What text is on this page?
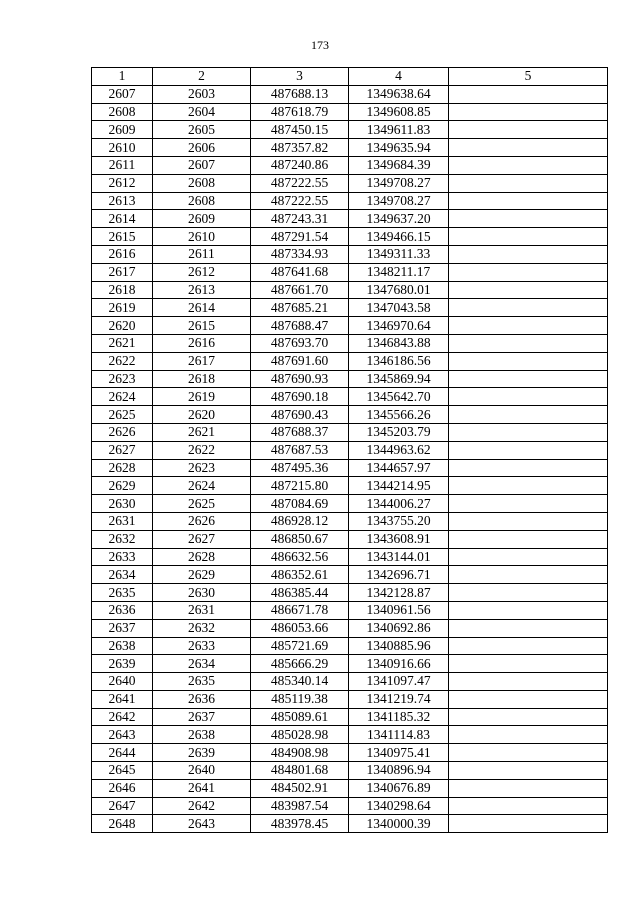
173
1	2	3	4	5
2607	2603	487688.13	1349638.64	
2608	2604	487618.79	1349608.85	
2609	2605	487450.15	1349611.83	
2610	2606	487357.82	1349635.94	
2611	2607	487240.86	1349684.39	
2612	2608	487222.55	1349708.27	
2613	2608	487222.55	1349708.27	
2614	2609	487243.31	1349637.20	
2615	2610	487291.54	1349466.15	
2616	2611	487334.93	1349311.33	
2617	2612	487641.68	1348211.17	
2618	2613	487661.70	1347680.01	
2619	2614	487685.21	1347043.58	
2620	2615	487688.47	1346970.64	
2621	2616	487693.70	1346843.88	
2622	2617	487691.60	1346186.56	
2623	2618	487690.93	1345869.94	
2624	2619	487690.18	1345642.70	
2625	2620	487690.43	1345566.26	
2626	2621	487688.37	1345203.79	
2627	2622	487687.53	1344963.62	
2628	2623	487495.36	1344657.97	
2629	2624	487215.80	1344214.95	
2630	2625	487084.69	1344006.27	
2631	2626	486928.12	1343755.20	
2632	2627	486850.67	1343608.91	
2633	2628	486632.56	1343144.01	
2634	2629	486352.61	1342696.71	
2635	2630	486385.44	1342128.87	
2636	2631	486671.78	1340961.56	
2637	2632	486053.66	1340692.86	
2638	2633	485721.69	1340885.96	
2639	2634	485666.29	1340916.66	
2640	2635	485340.14	1341097.47	
2641	2636	485119.38	1341219.74	
2642	2637	485089.61	1341185.32	
2643	2638	485028.98	1341114.83	
2644	2639	484908.98	1340975.41	
2645	2640	484801.68	1340896.94	
2646	2641	484502.91	1340676.89	
2647	2642	483987.54	1340298.64	
2648	2643	483978.45	1340000.39	
